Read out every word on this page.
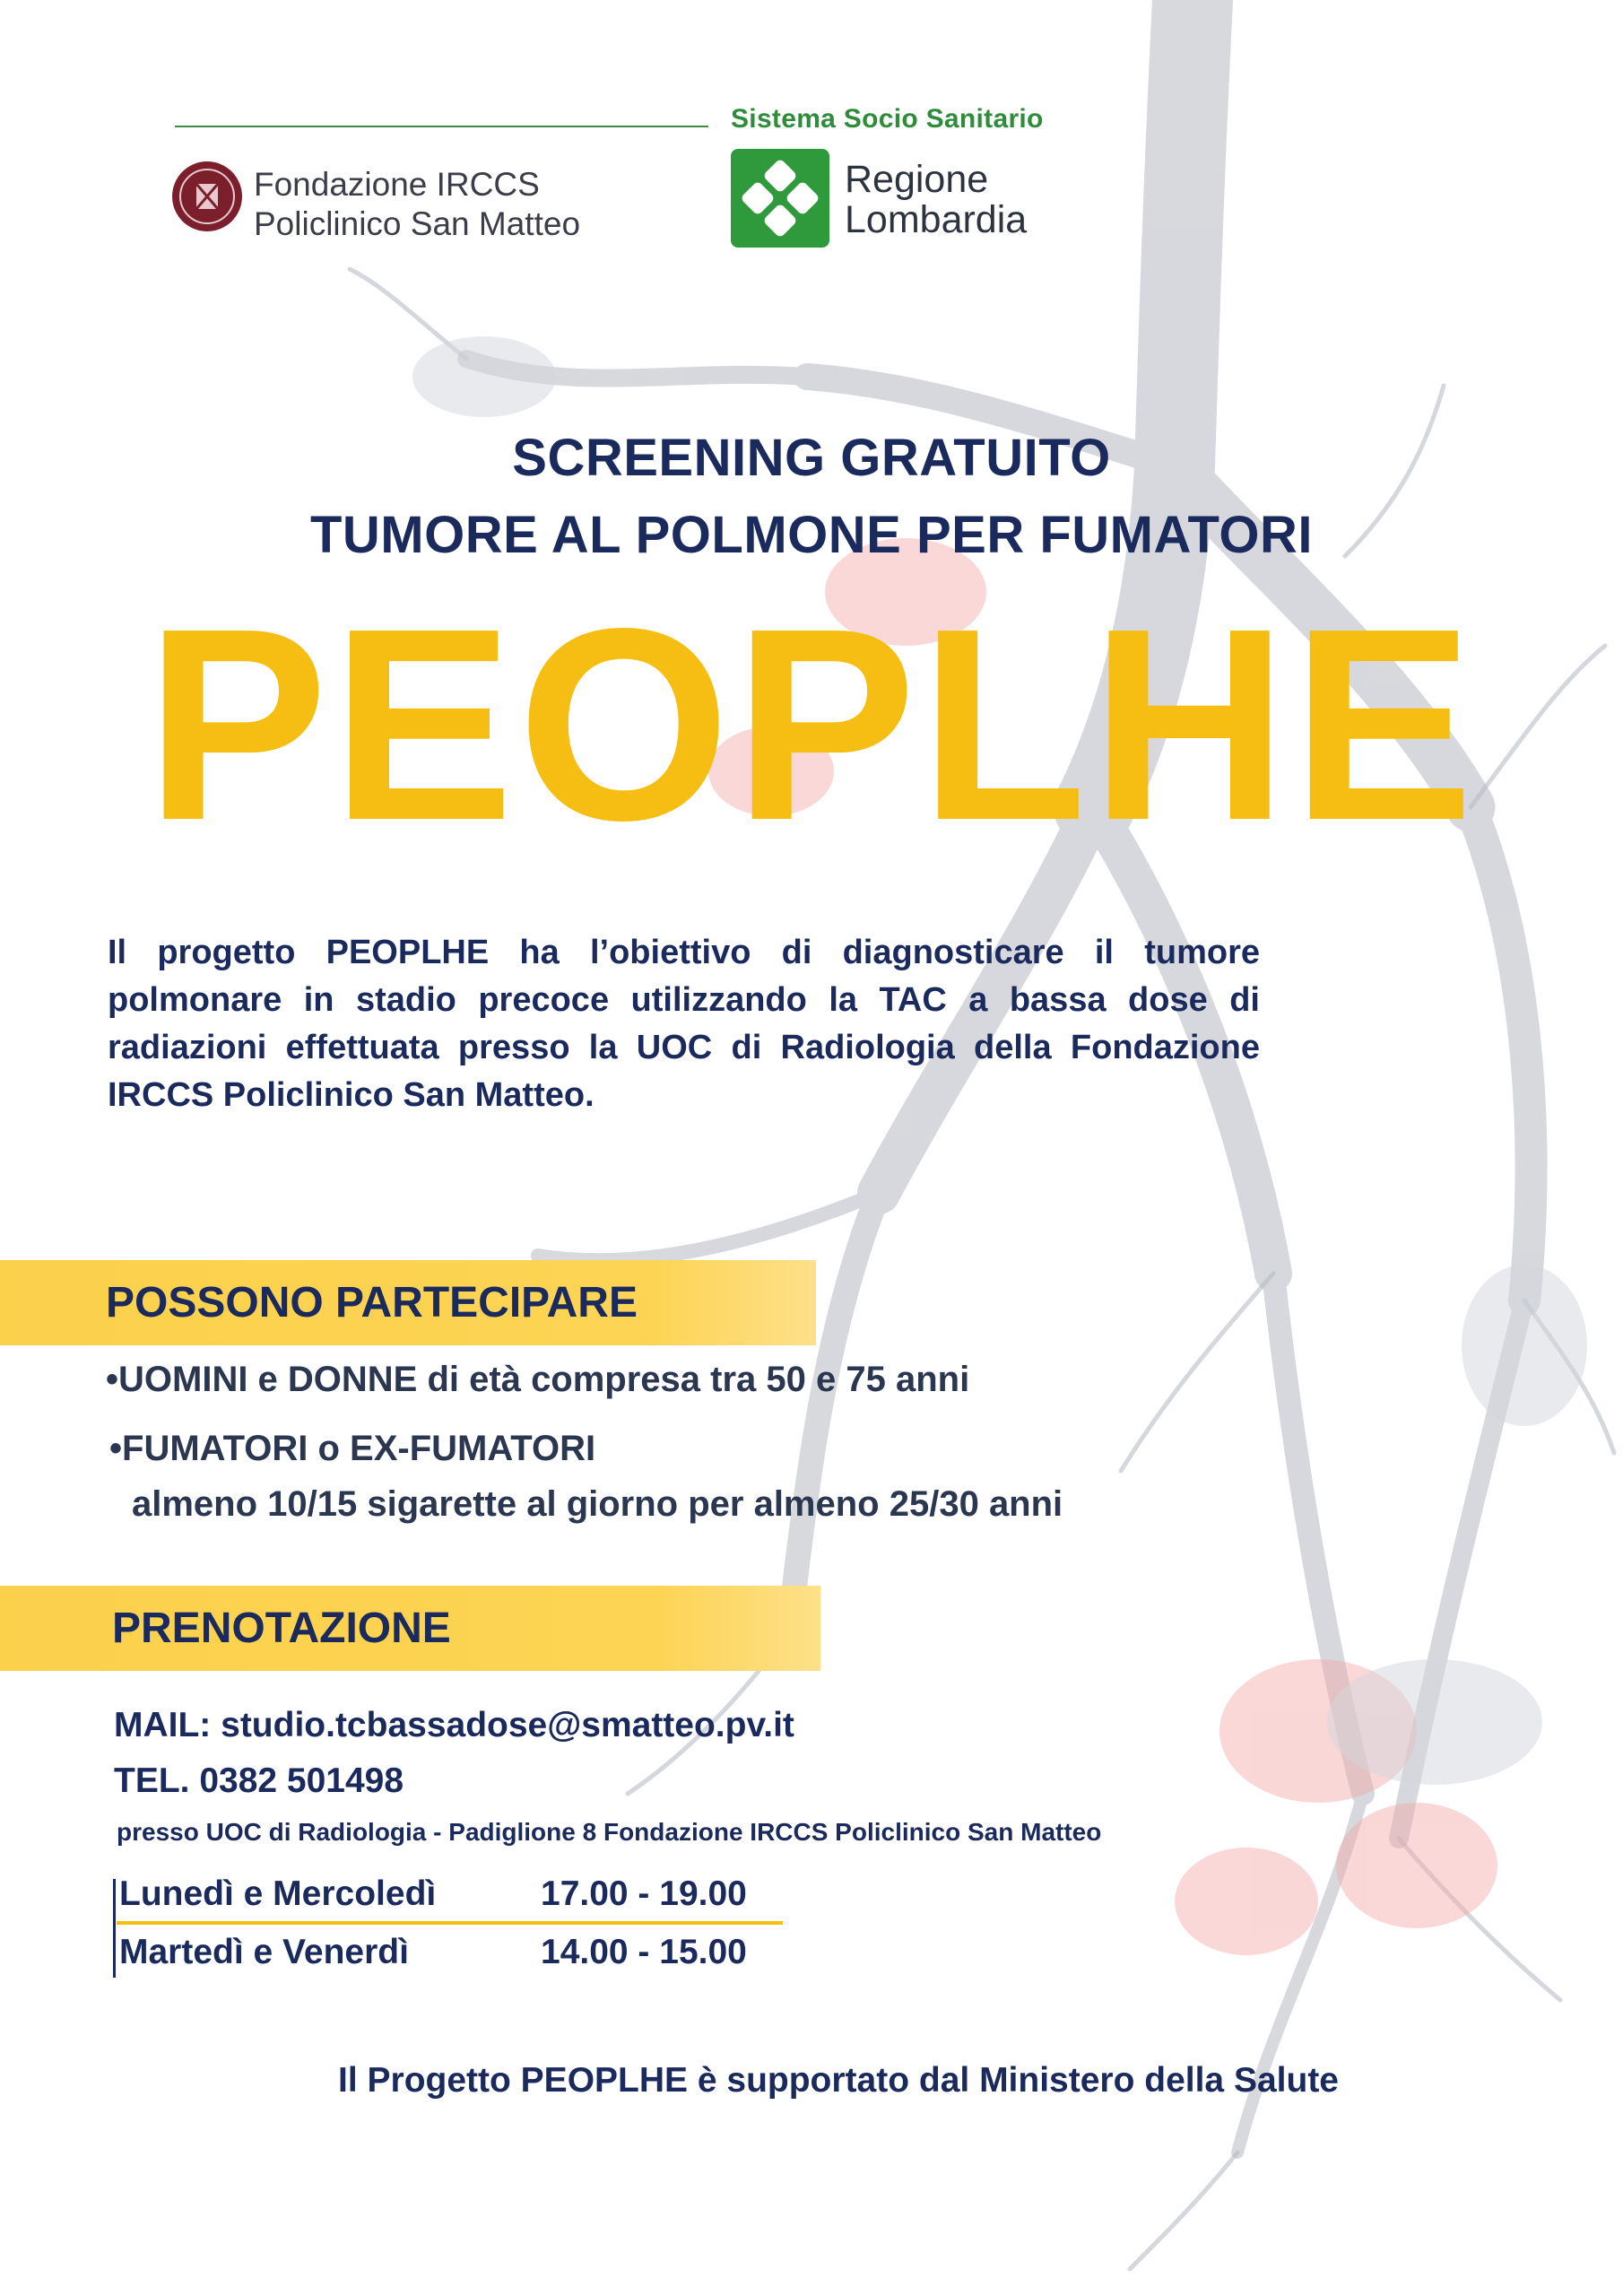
Fondazione IRCCS
Policlinico San Matteo
Sistema Socio Sanitario
Regione
Lombardia
SCREENING GRATUITO
TUMORE AL POLMONE PER FUMATORI
PEOPLHE
Il progetto PEOPLHE ha l’obiettivo di diagnosticare il tumore polmonare in stadio precoce utilizzando la TAC a bassa dose di radiazioni effettuata presso la UOC di Radiologia della Fondazione IRCCS Policlinico San Matteo.
POSSONO PARTECIPARE
•UOMINI e DONNE di età compresa tra 50 e 75 anni
•FUMATORI o EX-FUMATORI
almeno 10/15 sigarette al giorno per almeno 25/30 anni
PRENOTAZIONE
MAIL: studio.tcbassadose@smatteo.pv.it
TEL. 0382 501498
presso UOC di Radiologia - Padiglione 8 Fondazione IRCCS Policlinico San Matteo
Lunedì e Mercoledì	17.00 - 19.00
Martedì e Venerdì	14.00 - 15.00
Il Progetto PEOPLHE è supportato dal Ministero della Salute
